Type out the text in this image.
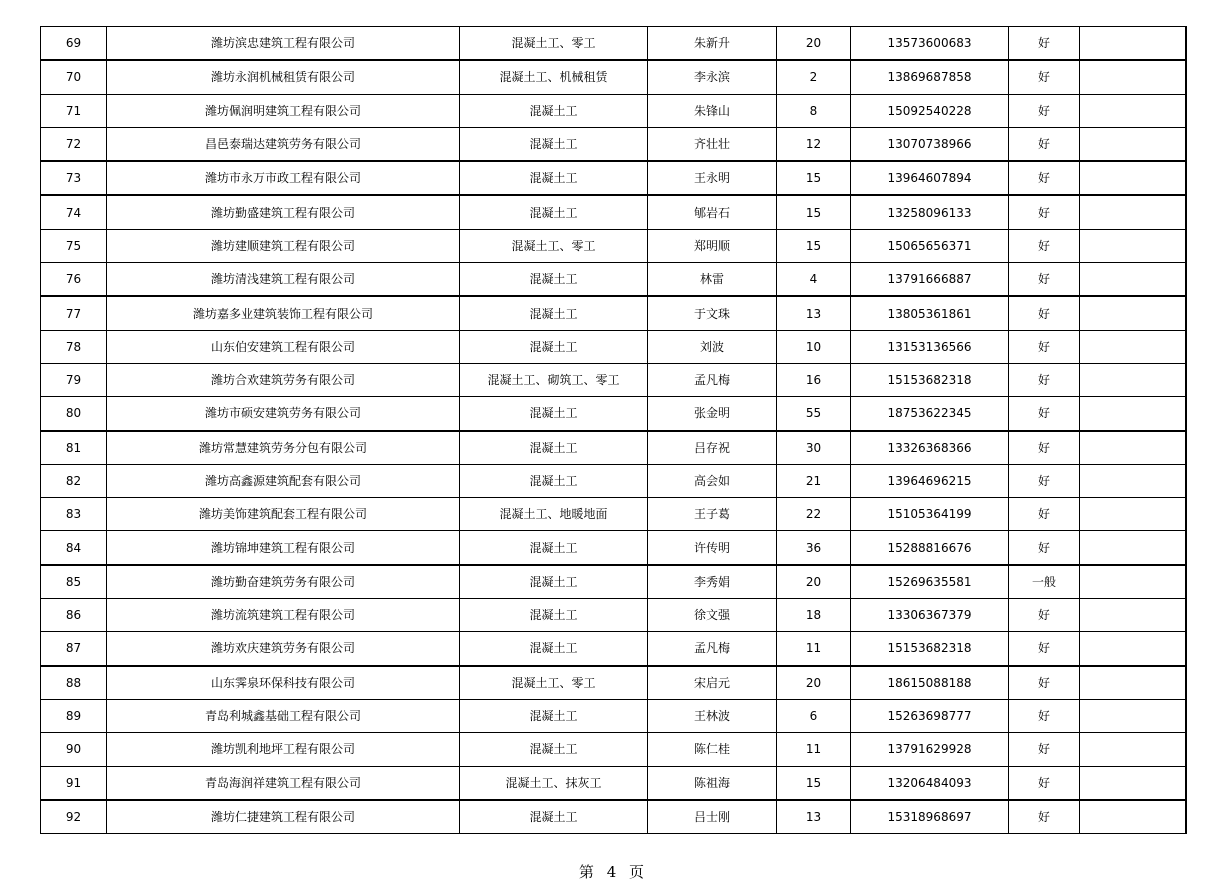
69	潍坊滨忠建筑工程有限公司	混凝土工、零工	朱新升	20	13573600683	好	
70	潍坊永润机械租赁有限公司	混凝土工、机械租赁	李永滨	2	13869687858	好	
71	潍坊佩润明建筑工程有限公司	混凝土工	朱锋山	8	15092540228	好	
72	昌邑泰瑞达建筑劳务有限公司	混凝土工	齐壮壮	12	13070738966	好	
73	潍坊市永万市政工程有限公司	混凝土工	王永明	15	13964607894	好	
74	潍坊勤盛建筑工程有限公司	混凝土工	郇岩石	15	13258096133	好	
75	潍坊建顺建筑工程有限公司	混凝土工、零工	郑明顺	15	15065656371	好	
76	潍坊清浅建筑工程有限公司	混凝土工	林雷	4	13791666887	好	
77	潍坊嘉多业建筑装饰工程有限公司	混凝土工	于文珠	13	13805361861	好	
78	山东伯安建筑工程有限公司	混凝土工	刘波	10	13153136566	好	
79	潍坊合欢建筑劳务有限公司	混凝土工、砌筑工、零工	孟凡梅	16	15153682318	好	
80	潍坊市硕安建筑劳务有限公司	混凝土工	张金明	55	18753622345	好	
81	潍坊常慧建筑劳务分包有限公司	混凝土工	吕存祝	30	13326368366	好	
82	潍坊高鑫源建筑配套有限公司	混凝土工	高会如	21	13964696215	好	
83	潍坊美饰建筑配套工程有限公司	混凝土工、地暖地面	王子葛	22	15105364199	好	
84	潍坊锦坤建筑工程有限公司	混凝土工	许传明	36	15288816676	好	
85	潍坊勤奋建筑劳务有限公司	混凝土工	李秀娟	20	15269635581	一般	
86	潍坊流筑建筑工程有限公司	混凝土工	徐文强	18	13306367379	好	
87	潍坊欢庆建筑劳务有限公司	混凝土工	孟凡梅	11	15153682318	好	
88	山东霁泉环保科技有限公司	混凝土工、零工	宋启元	20	18615088188	好	
89	青岛利城鑫基础工程有限公司	混凝土工	王林波	6	15263698777	好	
90	潍坊凯利地坪工程有限公司	混凝土工	陈仁桂	11	13791629928	好	
91	青岛海润祥建筑工程有限公司	混凝土工、抹灰工	陈祖海	15	13206484093	好	
92	潍坊仁捷建筑工程有限公司	混凝土工	吕士刚	13	15318968697	好	
第 4 页
